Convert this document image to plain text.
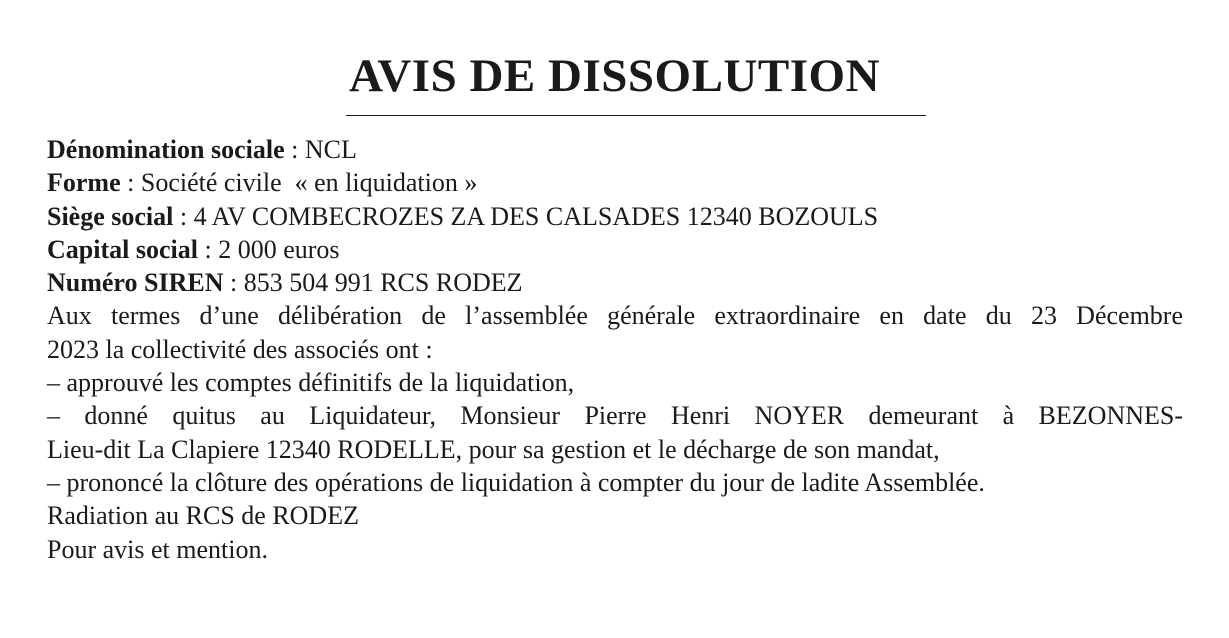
AVIS DE DISSOLUTION
Dénomination sociale : NCL
Forme : Société civile  « en liquidation »
Siège social : 4 AV COMBECROZES ZA DES CALSADES 12340 BOZOULS
Capital social : 2 000 euros
Numéro SIREN : 853 504 991 RCS RODEZ
Aux termes d’une délibération de l’assemblée générale extraordinaire en date du 23 Décembre
2023 la collectivité des associés ont :
– approuvé les comptes définitifs de la liquidation,
– donné quitus au Liquidateur, Monsieur Pierre Henri NOYER demeurant à BEZONNES-
Lieu-dit La Clapiere 12340 RODELLE, pour sa gestion et le décharge de son mandat,
– prononcé la clôture des opérations de liquidation à compter du jour de ladite Assemblée.
Radiation au RCS de RODEZ
Pour avis et mention.
